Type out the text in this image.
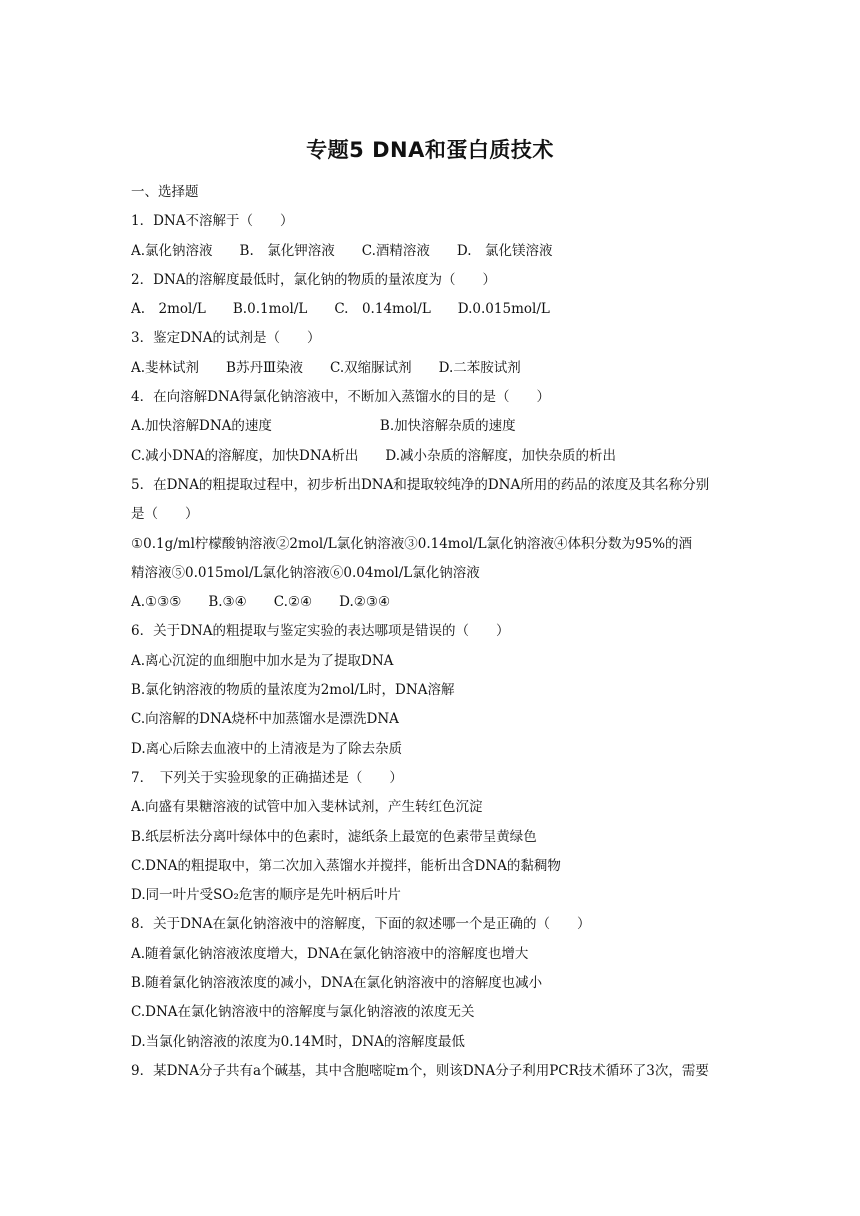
专题5 DNA和蛋白质技术
一、选择题
1．DNA不溶解于（　　）
A.氯化钠溶液　　B.　氯化钾溶液　　C.酒精溶液　　D.　氯化镁溶液
2．DNA的溶解度最低时，氯化钠的物质的量浓度为（　　）
A.　2mol/L　　B.0.1mol/L　　C.　0.14mol/L　　D.0.015mol/L
3．鉴定DNA的试剂是（　　）
A.斐林试剂　　B苏丹Ⅲ染液　　C.双缩脲试剂　　D.二苯胺试剂
4．在向溶解DNA得氯化钠溶液中，不断加入蒸馏水的目的是（　　）
A.加快溶解DNA的速度　　　　　　　　B.加快溶解杂质的速度
C.减小DNA的溶解度，加快DNA析出　　D.减小杂质的溶解度，加快杂质的析出
5．在DNA的粗提取过程中，初步析出DNA和提取较纯净的DNA所用的药品的浓度及其名称分别
是（　　）
①0.1g/ml柠檬酸钠溶液②2mol/L氯化钠溶液③0.14mol/L氯化钠溶液④体积分数为95%的酒
精溶液⑤0.015mol/L氯化钠溶液⑥0.04mol/L氯化钠溶液
A.①③⑤　　B.③④　　C.②④　　D.②③④
6．关于DNA的粗提取与鉴定实验的表达哪项是错误的（　　）
A.离心沉淀的血细胞中加水是为了提取DNA
B.氯化钠溶液的物质的量浓度为2mol/L时，DNA溶解
C.向溶解的DNA烧杯中加蒸馏水是漂洗DNA
D.离心后除去血液中的上清液是为了除去杂质
7．　下列关于实验现象的正确描述是（　　）
A.向盛有果糖溶液的试管中加入斐林试剂，产生转红色沉淀
B.纸层析法分离叶绿体中的色素时，滤纸条上最宽的色素带呈黄绿色
C.DNA的粗提取中，第二次加入蒸馏水并搅拌，能析出含DNA的黏稠物
D.同一叶片受SO₂危害的顺序是先叶柄后叶片
8．关于DNA在氯化钠溶液中的溶解度，下面的叙述哪一个是正确的（　　）
A.随着氯化钠溶液浓度增大，DNA在氯化钠溶液中的溶解度也增大
B.随着氯化钠溶液浓度的减小，DNA在氯化钠溶液中的溶解度也减小
C.DNA在氯化钠溶液中的溶解度与氯化钠溶液的浓度无关
D.当氯化钠溶液的浓度为0.14M时，DNA的溶解度最低
9．某DNA分子共有a个碱基，其中含胞嘧啶m个，则该DNA分子利用PCR技术循环了3次，需要
